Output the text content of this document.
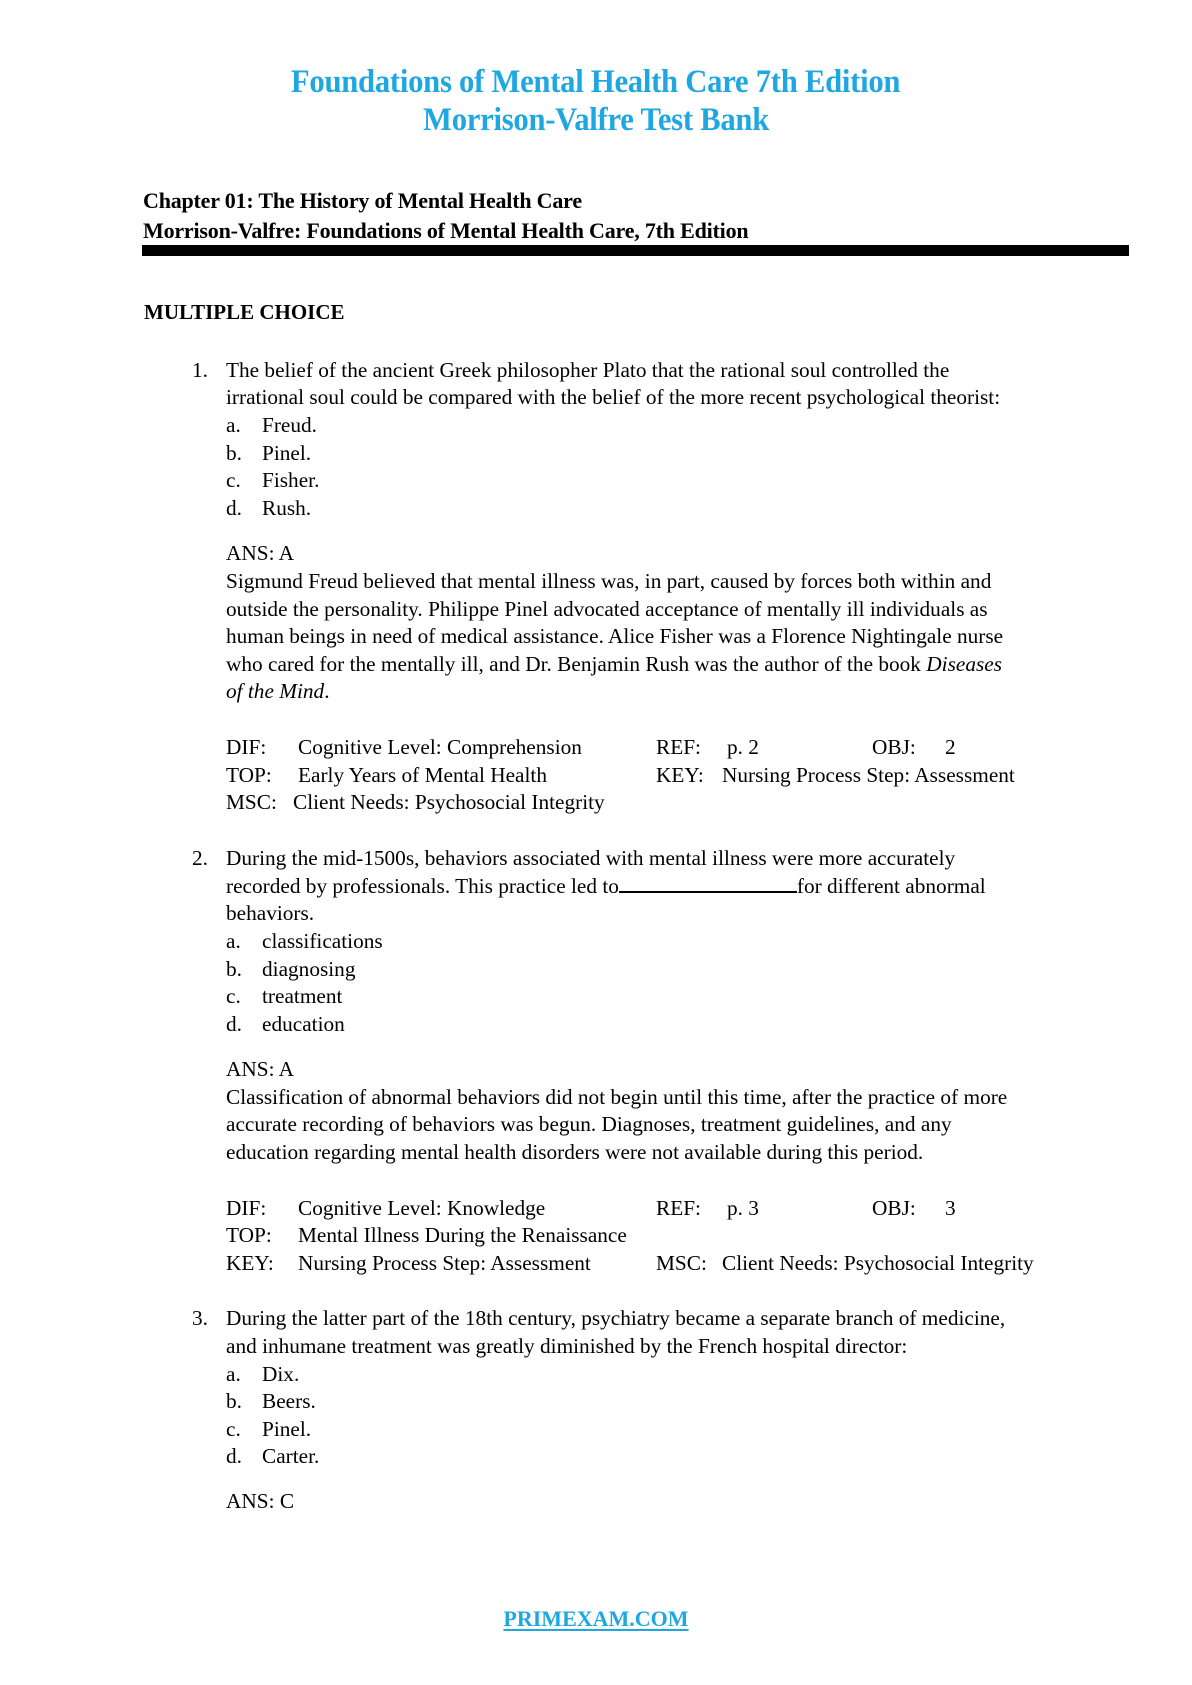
Foundations of Mental Health Care 7th Edition
Morrison-Valfre Test Bank
Chapter 01: The History of Mental Health Care
Morrison-Valfre: Foundations of Mental Health Care, 7th Edition
MULTIPLE CHOICE
1. The belief of the ancient Greek philosopher Plato that the rational soul controlled the
irrational soul could be compared with the belief of the more recent psychological theorist:
a. Freud.
b. Pinel.
c. Fisher.
d. Rush.
ANS: A
Sigmund Freud believed that mental illness was, in part, caused by forces both within and
outside the personality. Philippe Pinel advocated acceptance of mentally ill individuals as
human beings in need of medical assistance. Alice Fisher was a Florence Nightingale nurse
who cared for the mentally ill, and Dr. Benjamin Rush was the author of the book Diseases
of the Mind.
DIF: Cognitive Level: Comprehension	REF: p. 2	OBJ: 2
TOP: Early Years of Mental Health	KEY: Nursing Process Step: Assessment
MSC: Client Needs: Psychosocial Integrity
2. During the mid-1500s, behaviors associated with mental illness were more accurately
recorded by professionals. This practice led to	for different abnormal
behaviors.
a. classifications
b. diagnosing
c. treatment
d. education
ANS: A
Classification of abnormal behaviors did not begin until this time, after the practice of more
accurate recording of behaviors was begun. Diagnoses, treatment guidelines, and any
education regarding mental health disorders were not available during this period.
DIF: Cognitive Level: Knowledge	REF: p. 3	OBJ: 3
TOP: Mental Illness During the Renaissance
KEY: Nursing Process Step: Assessment	MSC: Client Needs: Psychosocial Integrity
3. During the latter part of the 18th century, psychiatry became a separate branch of medicine,
and inhumane treatment was greatly diminished by the French hospital director:
a. Dix.
b. Beers.
c. Pinel.
d. Carter.
ANS: C
PRIMEXAM.COM
